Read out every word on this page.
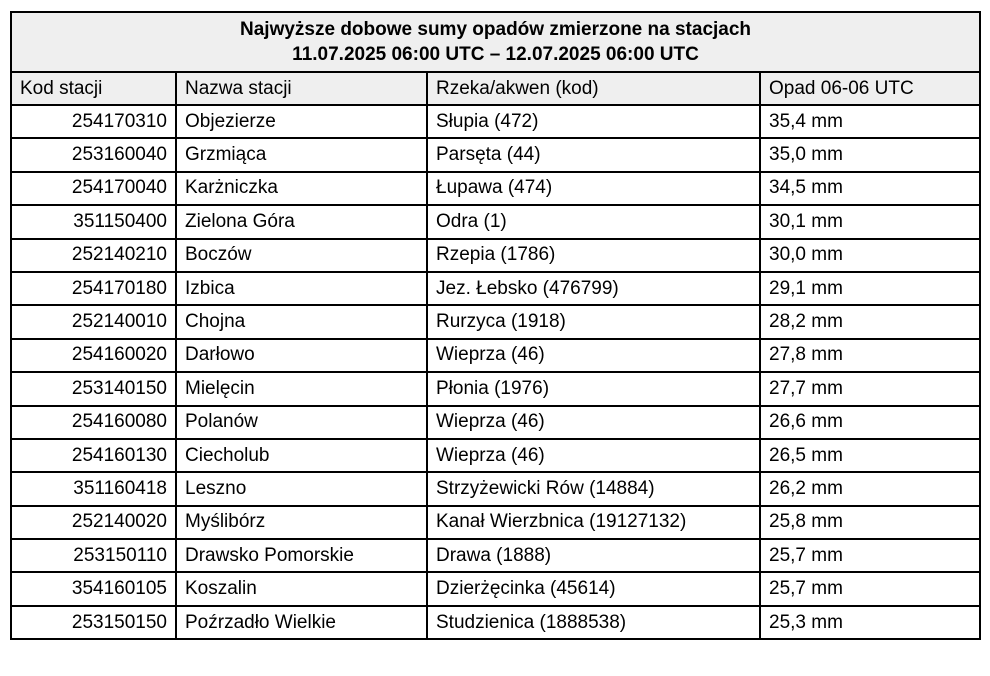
Najwyższe dobowe sumy opadów zmierzone na stacjach
11.07.2025 06:00 UTC – 12.07.2025 06:00 UTC			

Kod stacji	Nazwa stacji	Rzeka/akwen (kod)	Opad 06-06 UTC
254170310	Objezierze	Słupia (472)	35,4 mm
253160040	Grzmiąca	Parsęta (44)	35,0 mm
254170040	Karżniczka	Łupawa (474)	34,5 mm
351150400	Zielona Góra	Odra (1)	30,1 mm
252140210	Boczów	Rzepia (1786)	30,0 mm
254170180	Izbica	Jez. Łebsko (476799)	29,1 mm
252140010	Chojna	Rurzyca (1918)	28,2 mm
254160020	Darłowo	Wieprza (46)	27,8 mm
253140150	Mielęcin	Płonia (1976)	27,7 mm
254160080	Polanów	Wieprza (46)	26,6 mm
254160130	Ciecholub	Wieprza (46)	26,5 mm
351160418	Leszno	Strzyżewicki Rów (14884)	26,2 mm
252140020	Myślibórz	Kanał Wierzbnica (19127132)	25,8 mm
253150110	Drawsko Pomorskie	Drawa (1888)	25,7 mm
354160105	Koszalin	Dzierżęcinka (45614)	25,7 mm
253150150	Poźrzadło Wielkie	Studzienica (1888538)	25,3 mm
